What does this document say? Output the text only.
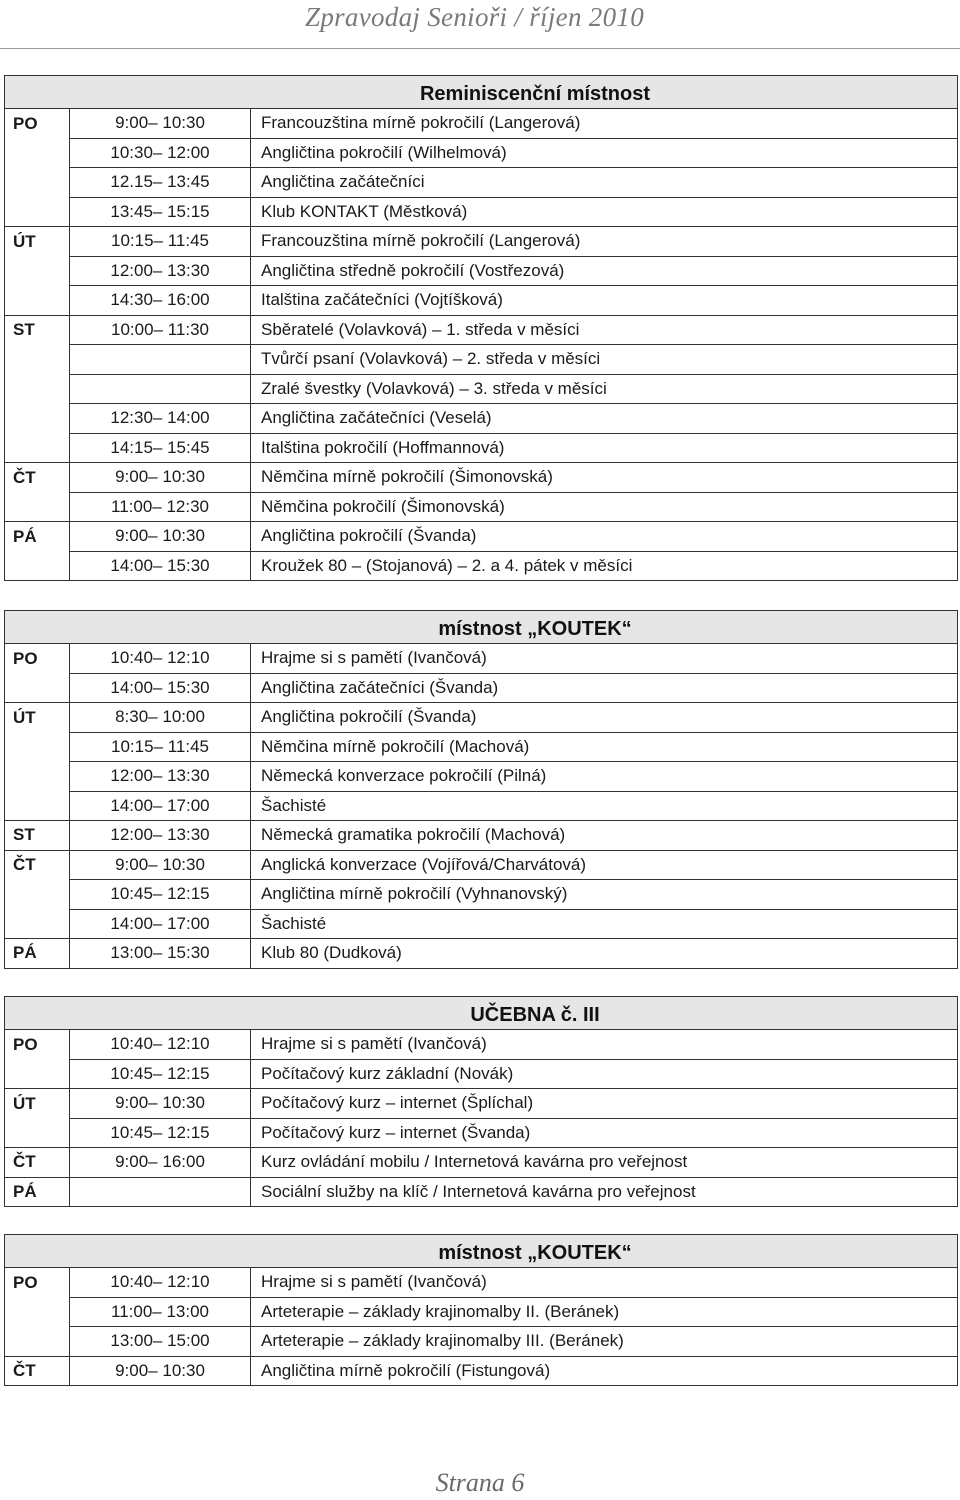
Zpravodaj Senioři / říjen 2010
Reminiscenční místnost
PO	9:00– 10:30	Francouzština mírně pokročilí (Langerová)
	10:30– 12:00	Angličtina pokročilí (Wilhelmová)
	12.15– 13:45	Angličtina začátečníci
	13:45– 15:15	Klub KONTAKT (Městková)
ÚT	10:15– 11:45	Francouzština mírně pokročilí (Langerová)
	12:00– 13:30	Angličtina středně pokročilí (Vostřezová)
	14:30– 16:00	Italština začátečníci (Vojtíšková)
ST	10:00– 11:30	Sběratelé (Volavková) – 1. středa v měsíci
		Tvůrčí psaní (Volavková) – 2. středa v měsíci
		Zralé švestky (Volavková) – 3. středa v měsíci
	12:30– 14:00	Angličtina začátečníci (Veselá)
	14:15– 15:45	Italština pokročilí (Hoffmannová)
ČT	9:00– 10:30	Němčina mírně pokročilí (Šimonovská)
	11:00– 12:30	Němčina pokročilí (Šimonovská)
PÁ	9:00– 10:30	Angličtina pokročilí (Švanda)
	14:00– 15:30	Kroužek 80 – (Stojanová) – 2. a 4. pátek v měsíci
místnost „KOUTEK“
PO	10:40– 12:10	Hrajme si s pamětí (Ivančová)
	14:00– 15:30	Angličtina začátečníci (Švanda)
ÚT	8:30– 10:00	Angličtina pokročilí (Švanda)
	10:15– 11:45	Němčina mírně pokročilí (Machová)
	12:00– 13:30	Německá konverzace pokročilí (Pilná)
	14:00– 17:00	Šachisté
ST	12:00– 13:30	Německá gramatika pokročilí (Machová)
ČT	9:00– 10:30	Anglická konverzace (Vojířová/Charvátová)
	10:45– 12:15	Angličtina mírně pokročilí (Vyhnanovský)
	14:00– 17:00	Šachisté
PÁ	13:00– 15:30	Klub 80 (Dudková)
UČEBNA č. III
PO	10:40– 12:10	Hrajme si s pamětí (Ivančová)
	10:45– 12:15	Počítačový kurz základní (Novák)
ÚT	9:00– 10:30	Počítačový kurz – internet (Šplíchal)
	10:45– 12:15	Počítačový kurz – internet (Švanda)
ČT	9:00– 16:00	Kurz ovládání mobilu / Internetová kavárna pro veřejnost
PÁ		Sociální služby na klíč / Internetová kavárna pro veřejnost
místnost „KOUTEK“
PO	10:40– 12:10	Hrajme si s pamětí (Ivančová)
	11:00– 13:00	Arteterapie – základy krajinomalby II. (Beránek)
	13:00– 15:00	Arteterapie – základy krajinomalby III. (Beránek)
ČT	9:00– 10:30	Angličtina mírně pokročilí (Fistungová)
Strana 6
